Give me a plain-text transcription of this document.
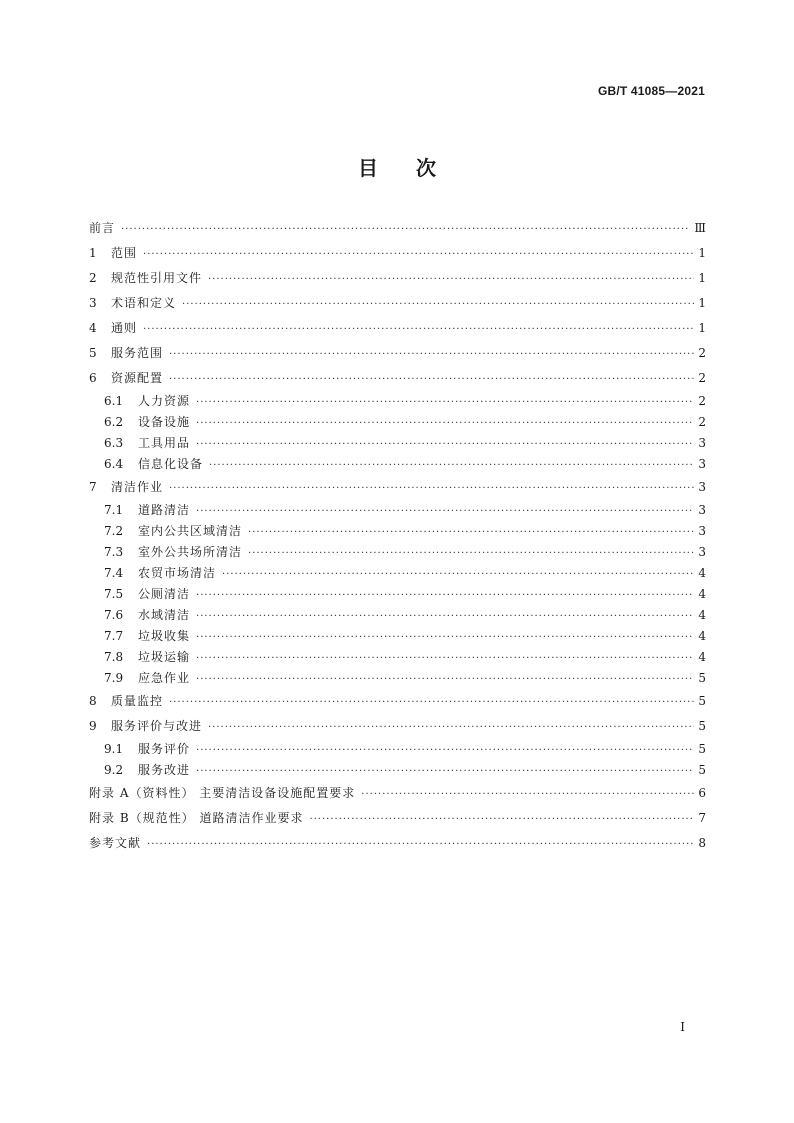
GB/T 41085—2021
目次
前言 ·····	Ⅲ
1	范围 ·····	1
2	规范性引用文件 ·····	1
3	术语和定义 ·····	1
4	通则 ·····	1
5	服务范围 ·····	2
6	资源配置 ·····	2
6.1	人力资源 ·····	2
6.2	设备设施 ·····	2
6.3	工具用品 ·····	3
6.4	信息化设备 ·····	3
7	清洁作业 ·····	3
7.1	道路清洁 ·····	3
7.2	室内公共区域清洁 ·····	3
7.3	室外公共场所清洁 ·····	3
7.4	农贸市场清洁 ·····	4
7.5	公厕清洁 ·····	4
7.6	水域清洁 ·····	4
7.7	垃圾收集 ·····	4
7.8	垃圾运输 ·····	4
7.9	应急作业 ·····	5
8	质量监控 ·····	5
9	服务评价与改进 ·····	5
9.1	服务评价 ·····	5
9.2	服务改进 ·····	5
附录 A（资料性） 主要清洁设备设施配置要求 ·····	6
附录 B（规范性） 道路清洁作业要求 ·····	7
参考文献 ·····	8
I
